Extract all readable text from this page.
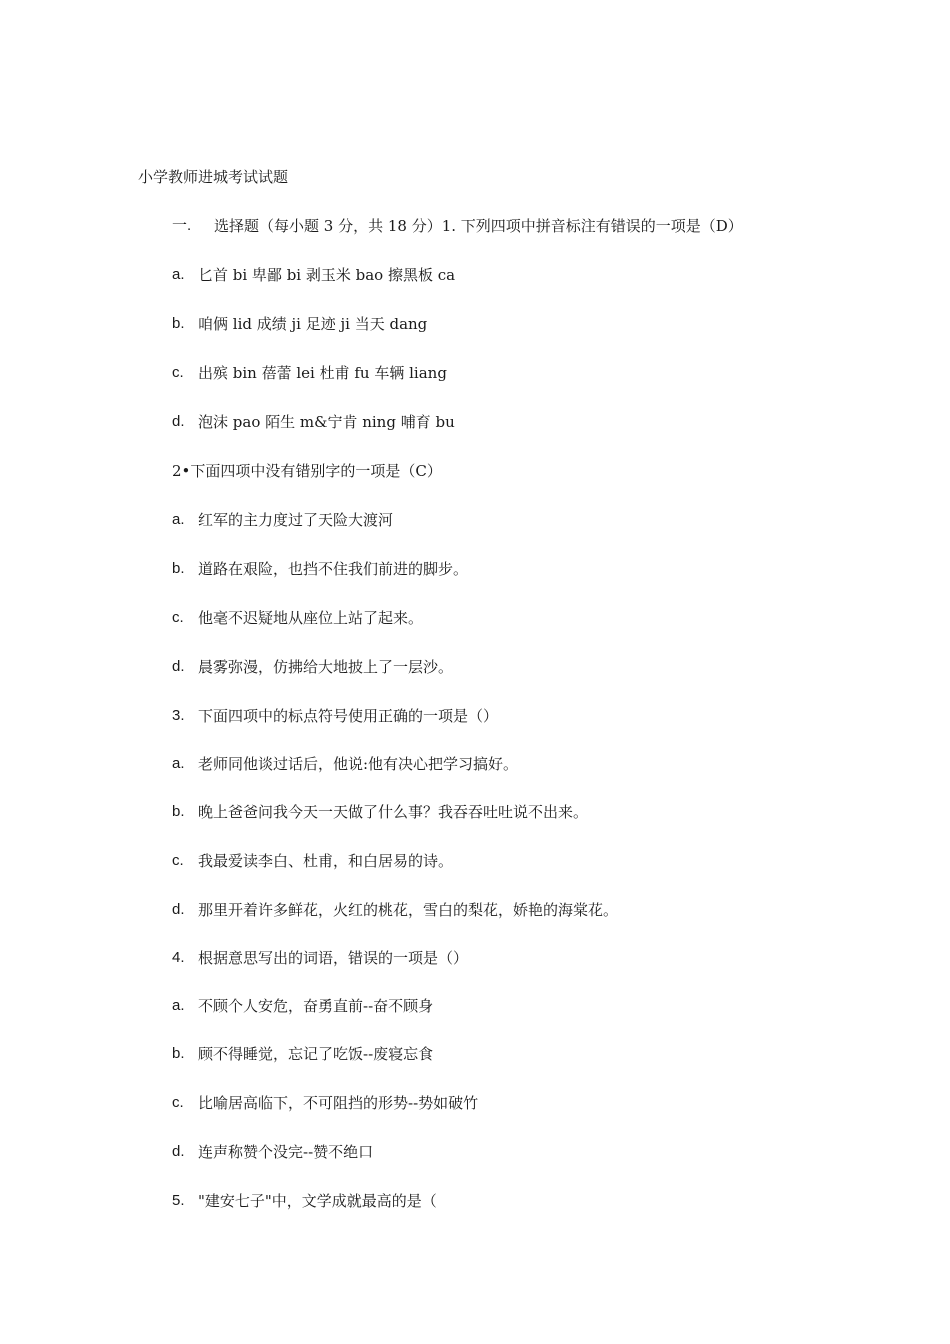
小学教师进城考试试题
一. 选择题（每小题 3 分，共 18 分）1. 下列四项中拼音标注有错误的一项是（D）
a. 匕首 bi 卑鄙 bi 剥玉米 bao 擦黑板 ca
b. 咱俩 lid 成绩 ji 足迹 ji 当天 dang
c. 出殡 bin 蓓蕾 lei 杜甫 fu 车辆 liang
d. 泡沫 pao 陌生 m&宁肯 ning 哺育 bu
2•下面四项中没有错别字的一项是（C）
a. 红军的主力度过了天险大渡河
b. 道路在艰险，也挡不住我们前进的脚步。
c. 他毫不迟疑地从座位上站了起来。
d. 晨雾弥漫，仿拂给大地披上了一层沙。
3. 下面四项中的标点符号使用正确的一项是（）
a. 老师同他谈过话后，他说:他有决心把学习搞好。
b. 晚上爸爸问我今天一天做了什么事？我吞吞吐吐说不出来。
c. 我最爱读李白、杜甫，和白居易的诗。
d. 那里开着许多鲜花，火红的桃花，雪白的梨花，娇艳的海棠花。
4. 根据意思写出的词语，错误的一项是（）
a. 不顾个人安危，奋勇直前--奋不顾身
b. 顾不得睡觉，忘记了吃饭--废寝忘食
c. 比喻居高临下，不可阻挡的形势--势如破竹
d. 连声称赞个没完--赞不绝口
5. "建安七子"中，文学成就最高的是（
